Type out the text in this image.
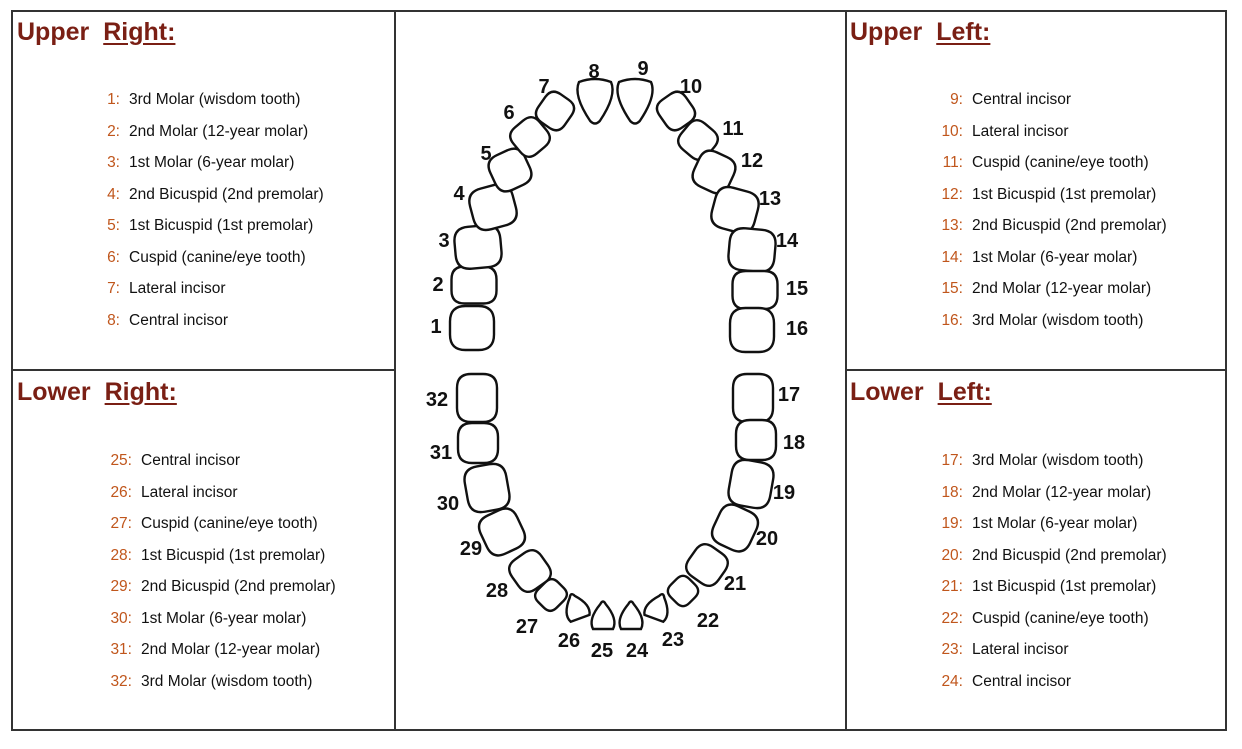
Upper Right:
1: 3rd Molar (wisdom tooth)
2: 2nd Molar (12-year molar)
3: 1st Molar (6-year molar)
4: 2nd Bicuspid (2nd premolar)
5: 1st Bicuspid (1st premolar)
6: Cuspid (canine/eye tooth)
7: Lateral incisor
8: Central incisor
Lower Right:
25: Central incisor
26: Lateral incisor
27: Cuspid (canine/eye tooth)
28: 1st Bicuspid (1st premolar)
29: 2nd Bicuspid (2nd premolar)
30: 1st Molar (6-year molar)
31: 2nd Molar (12-year molar)
32: 3rd Molar (wisdom tooth)
Upper Left:
9: Central incisor
10: Lateral incisor
11: Cuspid (canine/eye tooth)
12: 1st Bicuspid (1st premolar)
13: 2nd Bicuspid (2nd premolar)
14: 1st Molar (6-year molar)
15: 2nd Molar (12-year molar)
16: 3rd Molar (wisdom tooth)
Lower Left:
17: 3rd Molar (wisdom tooth)
18: 2nd Molar (12-year molar)
19: 1st Molar (6-year molar)
20: 2nd Bicuspid (2nd premolar)
21: 1st Bicuspid (1st premolar)
22: Cuspid (canine/eye tooth)
23: Lateral incisor
24: Central incisor
1
2
3
4
5
6
7
8 9
10
11
12
13
14
15
16
17
18
19
20
21
22
23
24
25
26
27
28
29
30
31
32
